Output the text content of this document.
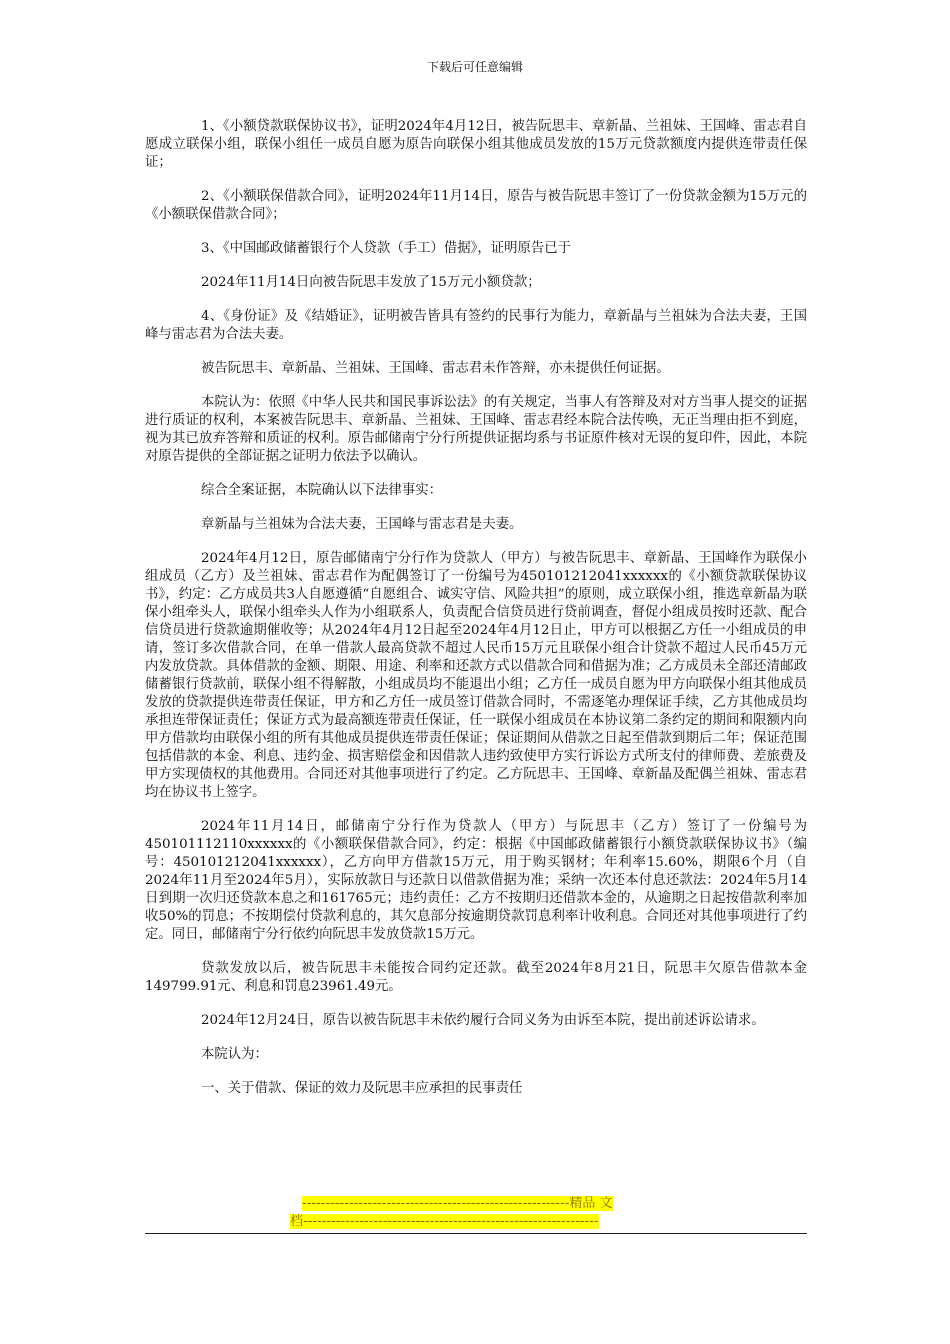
下载后可任意编辑

1、《小额贷款联保协议书》，证明2024年4月12日，被告阮思丰、章新晶、兰祖妹、王国峰、雷志君自愿成立联保小组，联保小组任一成员自愿为原告向联保小组其他成员发放的15万元贷款额度内提供连带责任保证；

2、《小额联保借款合同》，证明2024年11月14日，原告与被告阮思丰签订了一份贷款金额为15万元的《小额联保借款合同》；

3、《中国邮政储蓄银行个人贷款（手工）借据》，证明原告已于

2024年11月14日向被告阮思丰发放了15万元小额贷款；

4、《身份证》及《结婚证》，证明被告皆具有签约的民事行为能力，章新晶与兰祖妹为合法夫妻，王国峰与雷志君为合法夫妻。

被告阮思丰、章新晶、兰祖妹、王国峰、雷志君未作答辩，亦未提供任何证据。

本院认为：依照《中华人民共和国民事诉讼法》的有关规定，当事人有答辩及对对方当事人提交的证据进行质证的权利，本案被告阮思丰、章新晶、兰祖妹、王国峰、雷志君经本院合法传唤，无正当理由拒不到庭，视为其已放弃答辩和质证的权利。原告邮储南宁分行所提供证据均系与书证原件核对无误的复印件，因此，本院对原告提供的全部证据之证明力依法予以确认。

综合全案证据，本院确认以下法律事实：

章新晶与兰祖妹为合法夫妻，王国峰与雷志君是夫妻。

2024年4月12日，原告邮储南宁分行作为贷款人（甲方）与被告阮思丰、章新晶、王国峰作为联保小组成员（乙方）及兰祖妹、雷志君作为配偶签订了一份编号为450101212041xxxxxx的《小额贷款联保协议书》，约定：乙方成员共3人自愿遵循“自愿组合、诚实守信、风险共担”的原则，成立联保小组，推选章新晶为联保小组牵头人，联保小组牵头人作为小组联系人，负责配合信贷员进行贷前调查，督促小组成员按时还款、配合信贷员进行贷款逾期催收等；从2024年4月12日起至2024年4月12日止，甲方可以根据乙方任一小组成员的申请，签订多次借款合同，在单一借款人最高贷款不超过人民币15万元且联保小组合计贷款不超过人民币45万元内发放贷款。具体借款的金额、期限、用途、利率和还款方式以借款合同和借据为准；乙方成员未全部还清邮政储蓄银行贷款前，联保小组不得解散，小组成员均不能退出小组；乙方任一成员自愿为甲方向联保小组其他成员发放的贷款提供连带责任保证，甲方和乙方任一成员签订借款合同时，不需逐笔办理保证手续，乙方其他成员均承担连带保证责任；保证方式为最高额连带责任保证，任一联保小组成员在本协议第二条约定的期间和限额内向甲方借款均由联保小组的所有其他成员提供连带责任保证；保证期间从借款之日起至借款到期后二年；保证范围包括借款的本金、利息、违约金、损害赔偿金和因借款人违约致使甲方实行诉讼方式所支付的律师费、差旅费及甲方实现债权的其他费用。合同还对其他事项进行了约定。乙方阮思丰、王国峰、章新晶及配偶兰祖妹、雷志君均在协议书上签字。

2024年11月14日，邮储南宁分行作为贷款人（甲方）与阮思丰（乙方）签订了一份编号为450101112110xxxxxx的《小额联保借款合同》，约定：根据《中国邮政储蓄银行小额贷款联保协议书》（编号：450101212041xxxxxx），乙方向甲方借款15万元，用于购买钢材；年利率15.60%，期限6个月（自2024年11月至2024年5月），实际放款日与还款日以借款借据为准；采纳一次还本付息还款法：2024年5月14日到期一次归还贷款本息之和161765元；违约责任：乙方不按期归还借款本金的，从逾期之日起按借款利率加收50%的罚息；不按期偿付贷款利息的，其欠息部分按逾期贷款罚息利率计收利息。合同还对其他事项进行了约定。同日，邮储南宁分行依约向阮思丰发放贷款15万元。

贷款发放以后，被告阮思丰未能按合同约定还款。截至2024年8月21日，阮思丰欠原告借款本金149799.91元、利息和罚息23961.49元。

2024年12月24日，原告以被告阮思丰未依约履行合同义务为由诉至本院，提出前述诉讼请求。

本院认为：

一、关于借款、保证的效力及阮思丰应承担的民事责任

---------------------------------------------------------精品 文
档---------------------------------------------------------------
